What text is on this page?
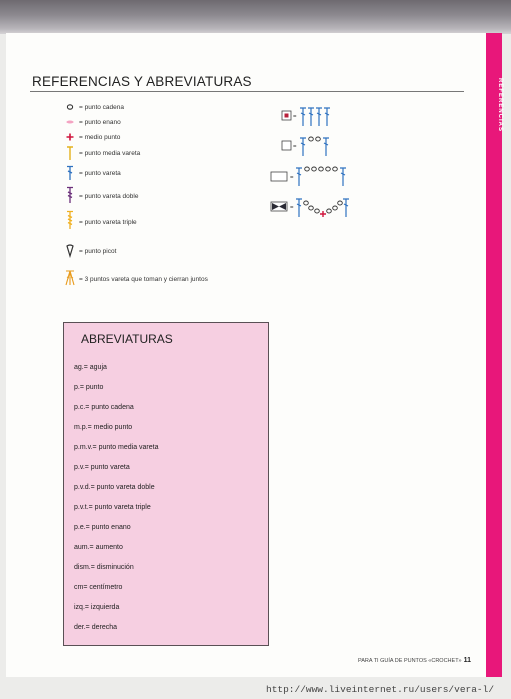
REFERENCIAS
REFERENCIAS Y ABREVIATURAS
= punto cadena
= punto enano
= medio punto
= punto media vareta
= punto vareta
= punto vareta doble
= punto vareta triple
= punto picot
= 3 puntos vareta que toman y cierran juntos
=
=
=
=
ABREVIATURAS
ag.= aguja
p.= punto
p.c.= punto cadena
m.p.= medio punto
p.m.v.= punto media vareta
p.v.= punto vareta
p.v.d.= punto vareta doble
p.v.t.= punto vareta triple
p.e.= punto enano
aum.= aumento
dism.= disminución
cm= centímetro
izq.= izquierda
der.= derecha
PARA TI GUÍA DE PUNTOS «CROCHET» 11
http://www.liveinternet.ru/users/vera-l/
